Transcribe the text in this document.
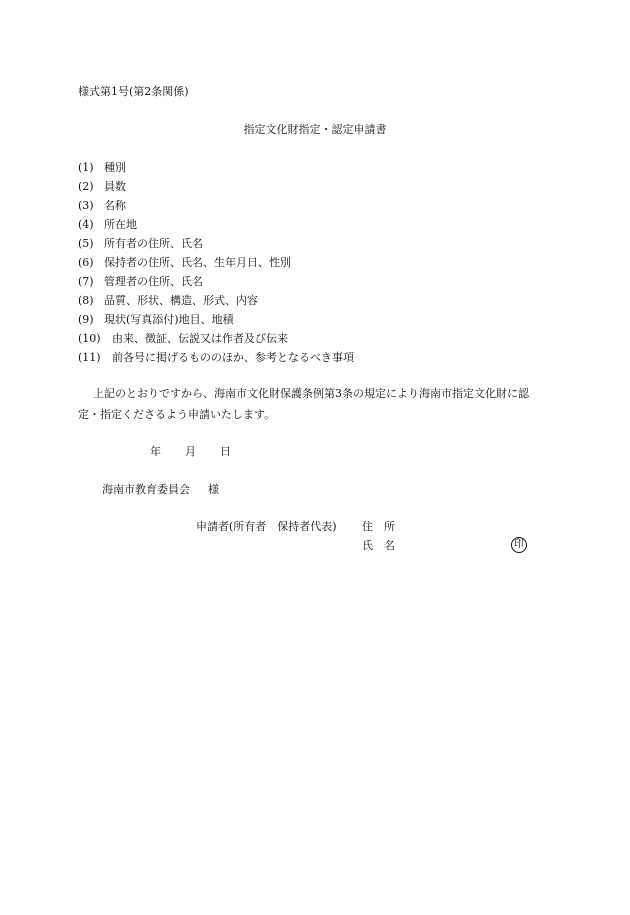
様式第1号(第2条関係)
指定文化財指定・認定申請書
(1) 種別
(2) 員数
(3) 名称
(4) 所在地
(5) 所有者の住所、氏名
(6) 保持者の住所、氏名、生年月日、性別
(7) 管理者の住所、氏名
(8) 品質、形状、構造、形式、内容
(9) 現状(写真添付)地目、地積
(10) 由来、徴証、伝説又は作者及び伝来
(11) 前各号に掲げるもののほか、参考となるべき事項
上記のとおりですから、海南市文化財保護条例第3条の規定により海南市指定文化財に認
定・指定くださるよう申請いたします。
年 月 日
海南市教育委員会 様
申請者(所有者　保持者代表) 住　所
氏　名	印
